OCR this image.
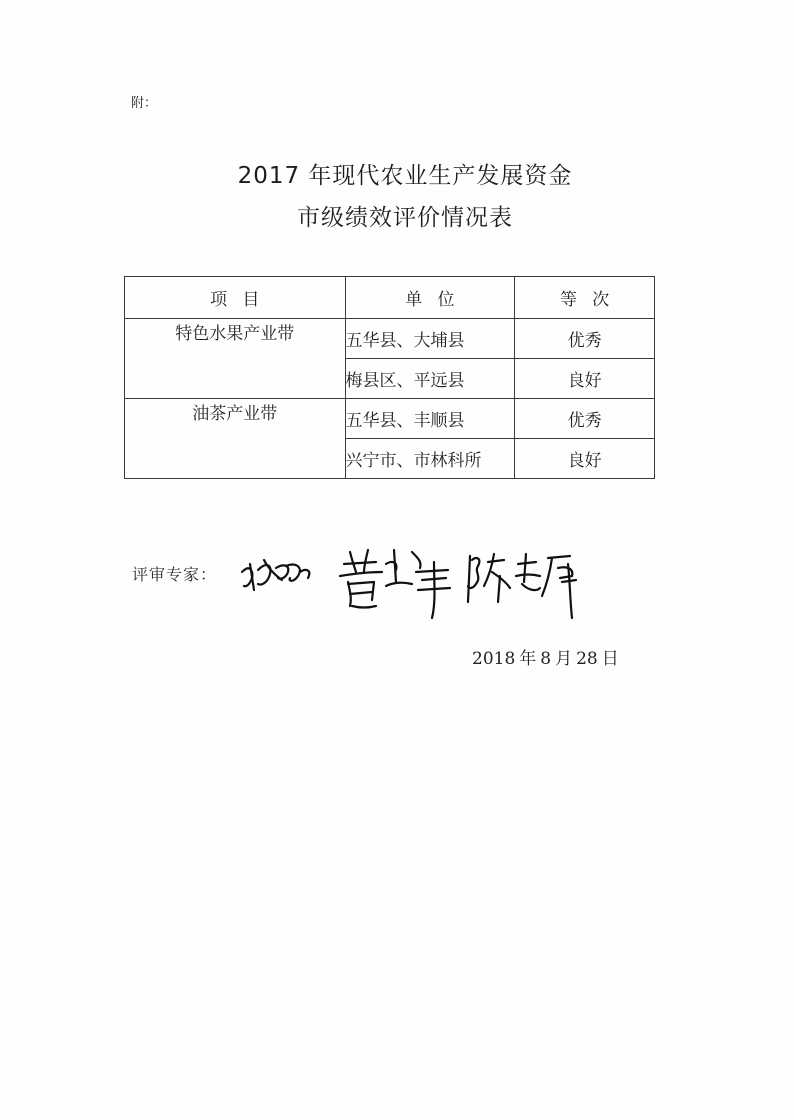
附：
2017 年现代农业生产发展资金
市级绩效评价情况表
项目	单位	等次
特色水果产业带	五华县、大埔县	优秀
	梅县区、平远县	良好
油茶产业带	五华县、丰顺县	优秀
	兴宁市、市林科所	良好
评审专家：
2018 年 8 月 28 日
